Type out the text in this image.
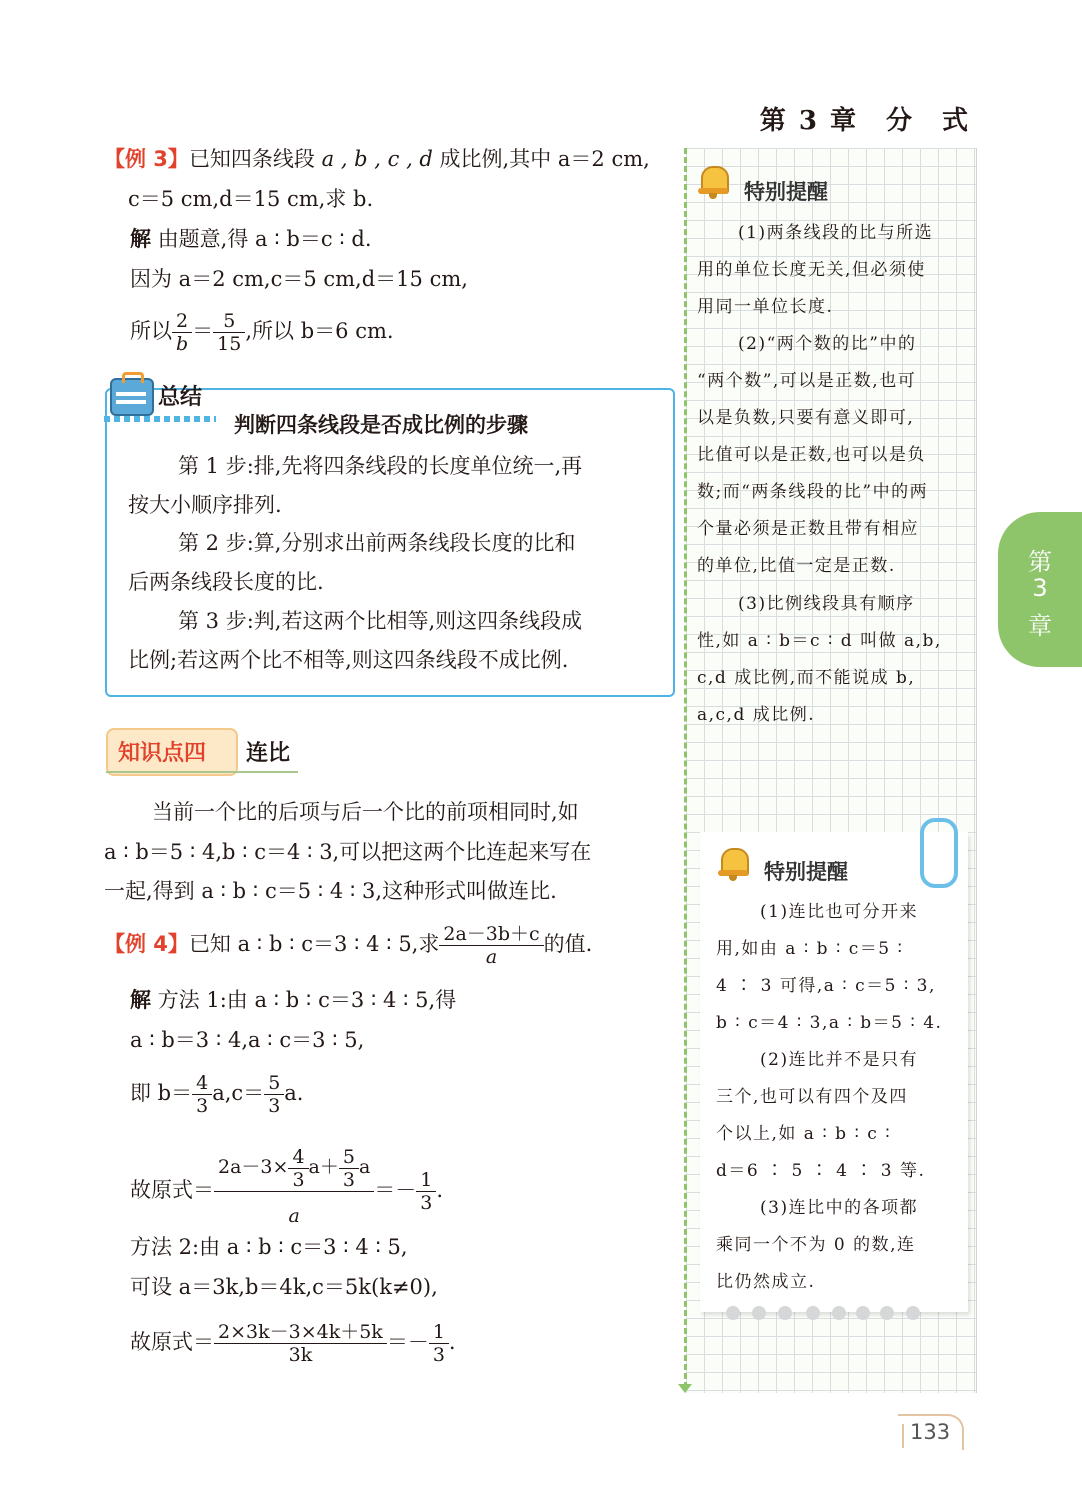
第 3 章　分　式
【例 3】已知四条线段 a , b , c , d 成比例,其中 a＝2 cm,
c＝5 cm,d＝15 cm,求 b.
解 由题意,得 a ∶ b＝c ∶ d.
因为 a＝2 cm,c＝5 cm,d＝15 cm,
所以 $\frac{2}{b} = \frac{5}{15}$ ,所以 b＝6 cm.
总结
判断四条线段是否成比例的步骤
第 1 步:排,先将四条线段的长度单位统一,再
按大小顺序排列.
第 2 步:算,分别求出前两条线段长度的比和
后两条线段长度的比.
第 3 步:判,若这两个比相等,则这四条线段成
比例;若这两个比不相等,则这四条线段不成比例.
知识点四 连比
当前一个比的后项与后一个比的前项相同时,如
a ∶ b＝5 ∶ 4,b ∶ c＝4 ∶ 3,可以把这两个比连起来写在
一起,得到 a ∶ b ∶ c＝5 ∶ 4 ∶ 3,这种形式叫做连比.
【例 4】已知 a ∶ b ∶ c＝3 ∶ 4 ∶ 5,求 $\frac{2a-3b+c}{a}$ 的值.
解 方法 1:由 a ∶ b ∶ c＝3 ∶ 4 ∶ 5,得
a ∶ b＝3 ∶ 4,a ∶ c＝3 ∶ 5,
即 $b= \frac{4}{3} a,c= \frac{5}{3} a$.
故原式＝ $\frac{2a-3\times \frac{4}{3} a+ \frac{5}{3} a}{a} =- \frac{1}{3}$ .
方法 2:由 a ∶ b ∶ c＝3 ∶ 4 ∶ 5,
可设 a＝3k,b＝4k,c＝5k(k≠0),
故原式＝ $\frac{2\times 3k-3\times 4k+5k}{3k} =- \frac{1}{3}$ .
特别提醒
(1)两条线段的比与所选
用的单位长度无关,但必须使
用同一单位长度.
(2)“两个数的比”中的
“两个数”,可以是正数,也可
以是负数,只要有意义即可,
比值可以是正数,也可以是负
数;而“两条线段的比”中的两
个量必须是正数且带有相应
的单位,比值一定是正数.
(3)比例线段具有顺序
性,如 a ∶ b＝c ∶ d 叫做 a,b,
c,d 成比例,而不能说成 b,
a,c,d 成比例.
特别提醒
(1)连比也可分开来
用,如由 a ∶ b ∶ c＝5 ∶
4 ∶ 3 可得,a ∶ c＝5 ∶ 3,
b ∶ c＝4 ∶ 3,a ∶ b＝5 ∶ 4.
(2)连比并不是只有
三个,也可以有四个及四
个以上,如 a ∶ b ∶ c ∶
d＝6 ∶ 5 ∶ 4 ∶ 3 等.
(3)连比中的各项都
乘同一个不为 0 的数,连
比仍然成立.
第
3
章
133
